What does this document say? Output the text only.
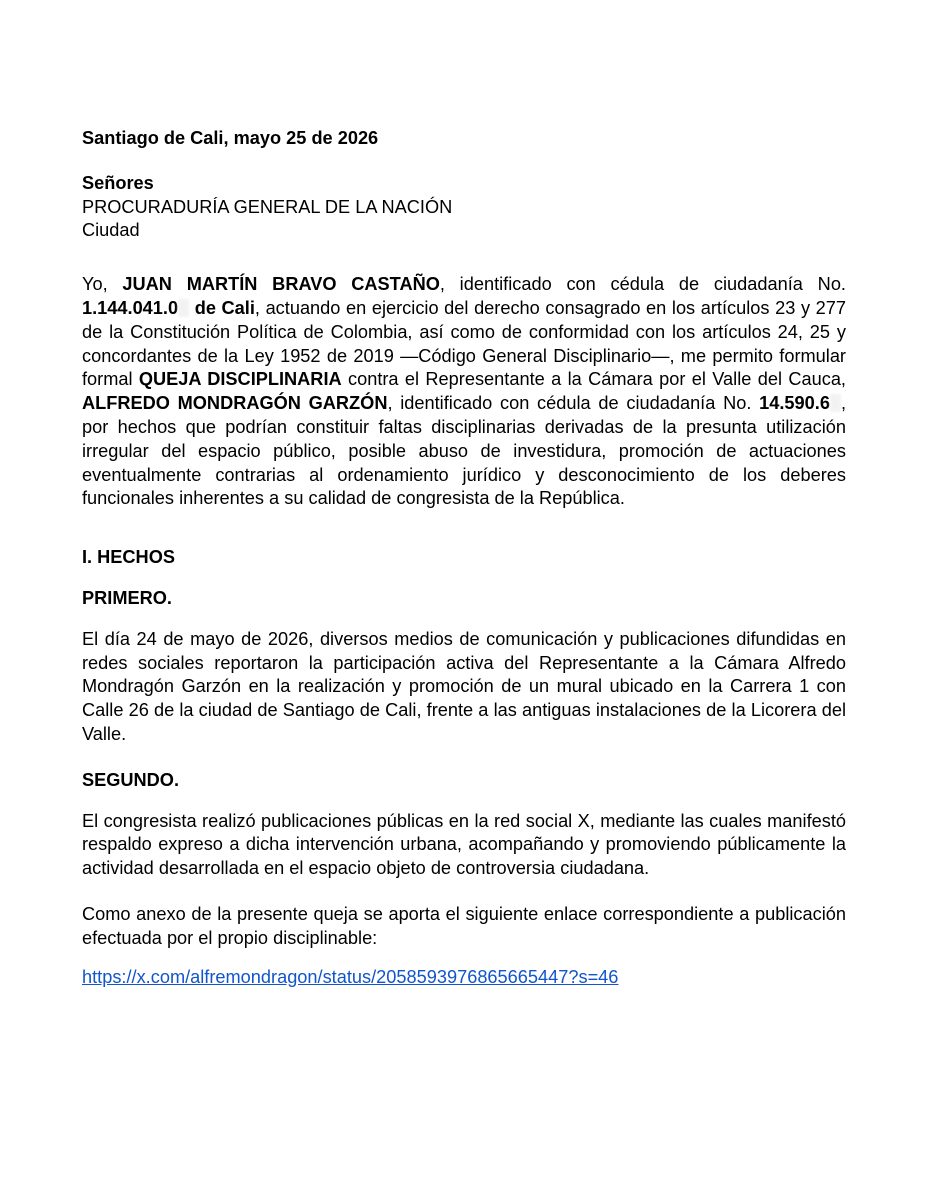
Santiago de Cali, mayo 25 de 2026

Señores

PROCURADURÍA GENERAL DE LA NACIÓN

Ciudad

Yo, JUAN MARTÍN BRAVO CASTAÑO, identificado con cédula de ciudadanía No. 1.144.041.0 de Cali, actuando en ejercicio del derecho consagrado en los artículos 23 y 277 de la Constitución Política de Colombia, así como de conformidad con los artículos 24, 25 y concordantes de la Ley 1952 de 2019 —Código General Disciplinario—, me permito formular formal QUEJA DISCIPLINARIA contra el Representante a la Cámara por el Valle del Cauca, ALFREDO MONDRAGÓN GARZÓN, identificado con cédula de ciudadanía No. 14.590.6 , por hechos que podrían constituir faltas disciplinarias derivadas de la presunta utilización irregular del espacio público, posible abuso de investidura, promoción de actuaciones eventualmente contrarias al ordenamiento jurídico y desconocimiento de los deberes funcionales inherentes a su calidad de congresista de la República.

I. HECHOS
PRIMERO.

El día 24 de mayo de 2026, diversos medios de comunicación y publicaciones difundidas en redes sociales reportaron la participación activa del Representante a la Cámara Alfredo Mondragón Garzón en la realización y promoción de un mural ubicado en la Carrera 1 con Calle 26 de la ciudad de Santiago de Cali, frente a las antiguas instalaciones de la Licorera del Valle.

SEGUNDO.

El congresista realizó publicaciones públicas en la red social X, mediante las cuales manifestó respaldo expreso a dicha intervención urbana, acompañando y promoviendo públicamente la actividad desarrollada en el espacio objeto de controversia ciudadana.

Como anexo de la presente queja se aporta el siguiente enlace correspondiente a publicación efectuada por el propio disciplinable:

https://x.com/alfremondragon/status/2058593976865665447?s=46
